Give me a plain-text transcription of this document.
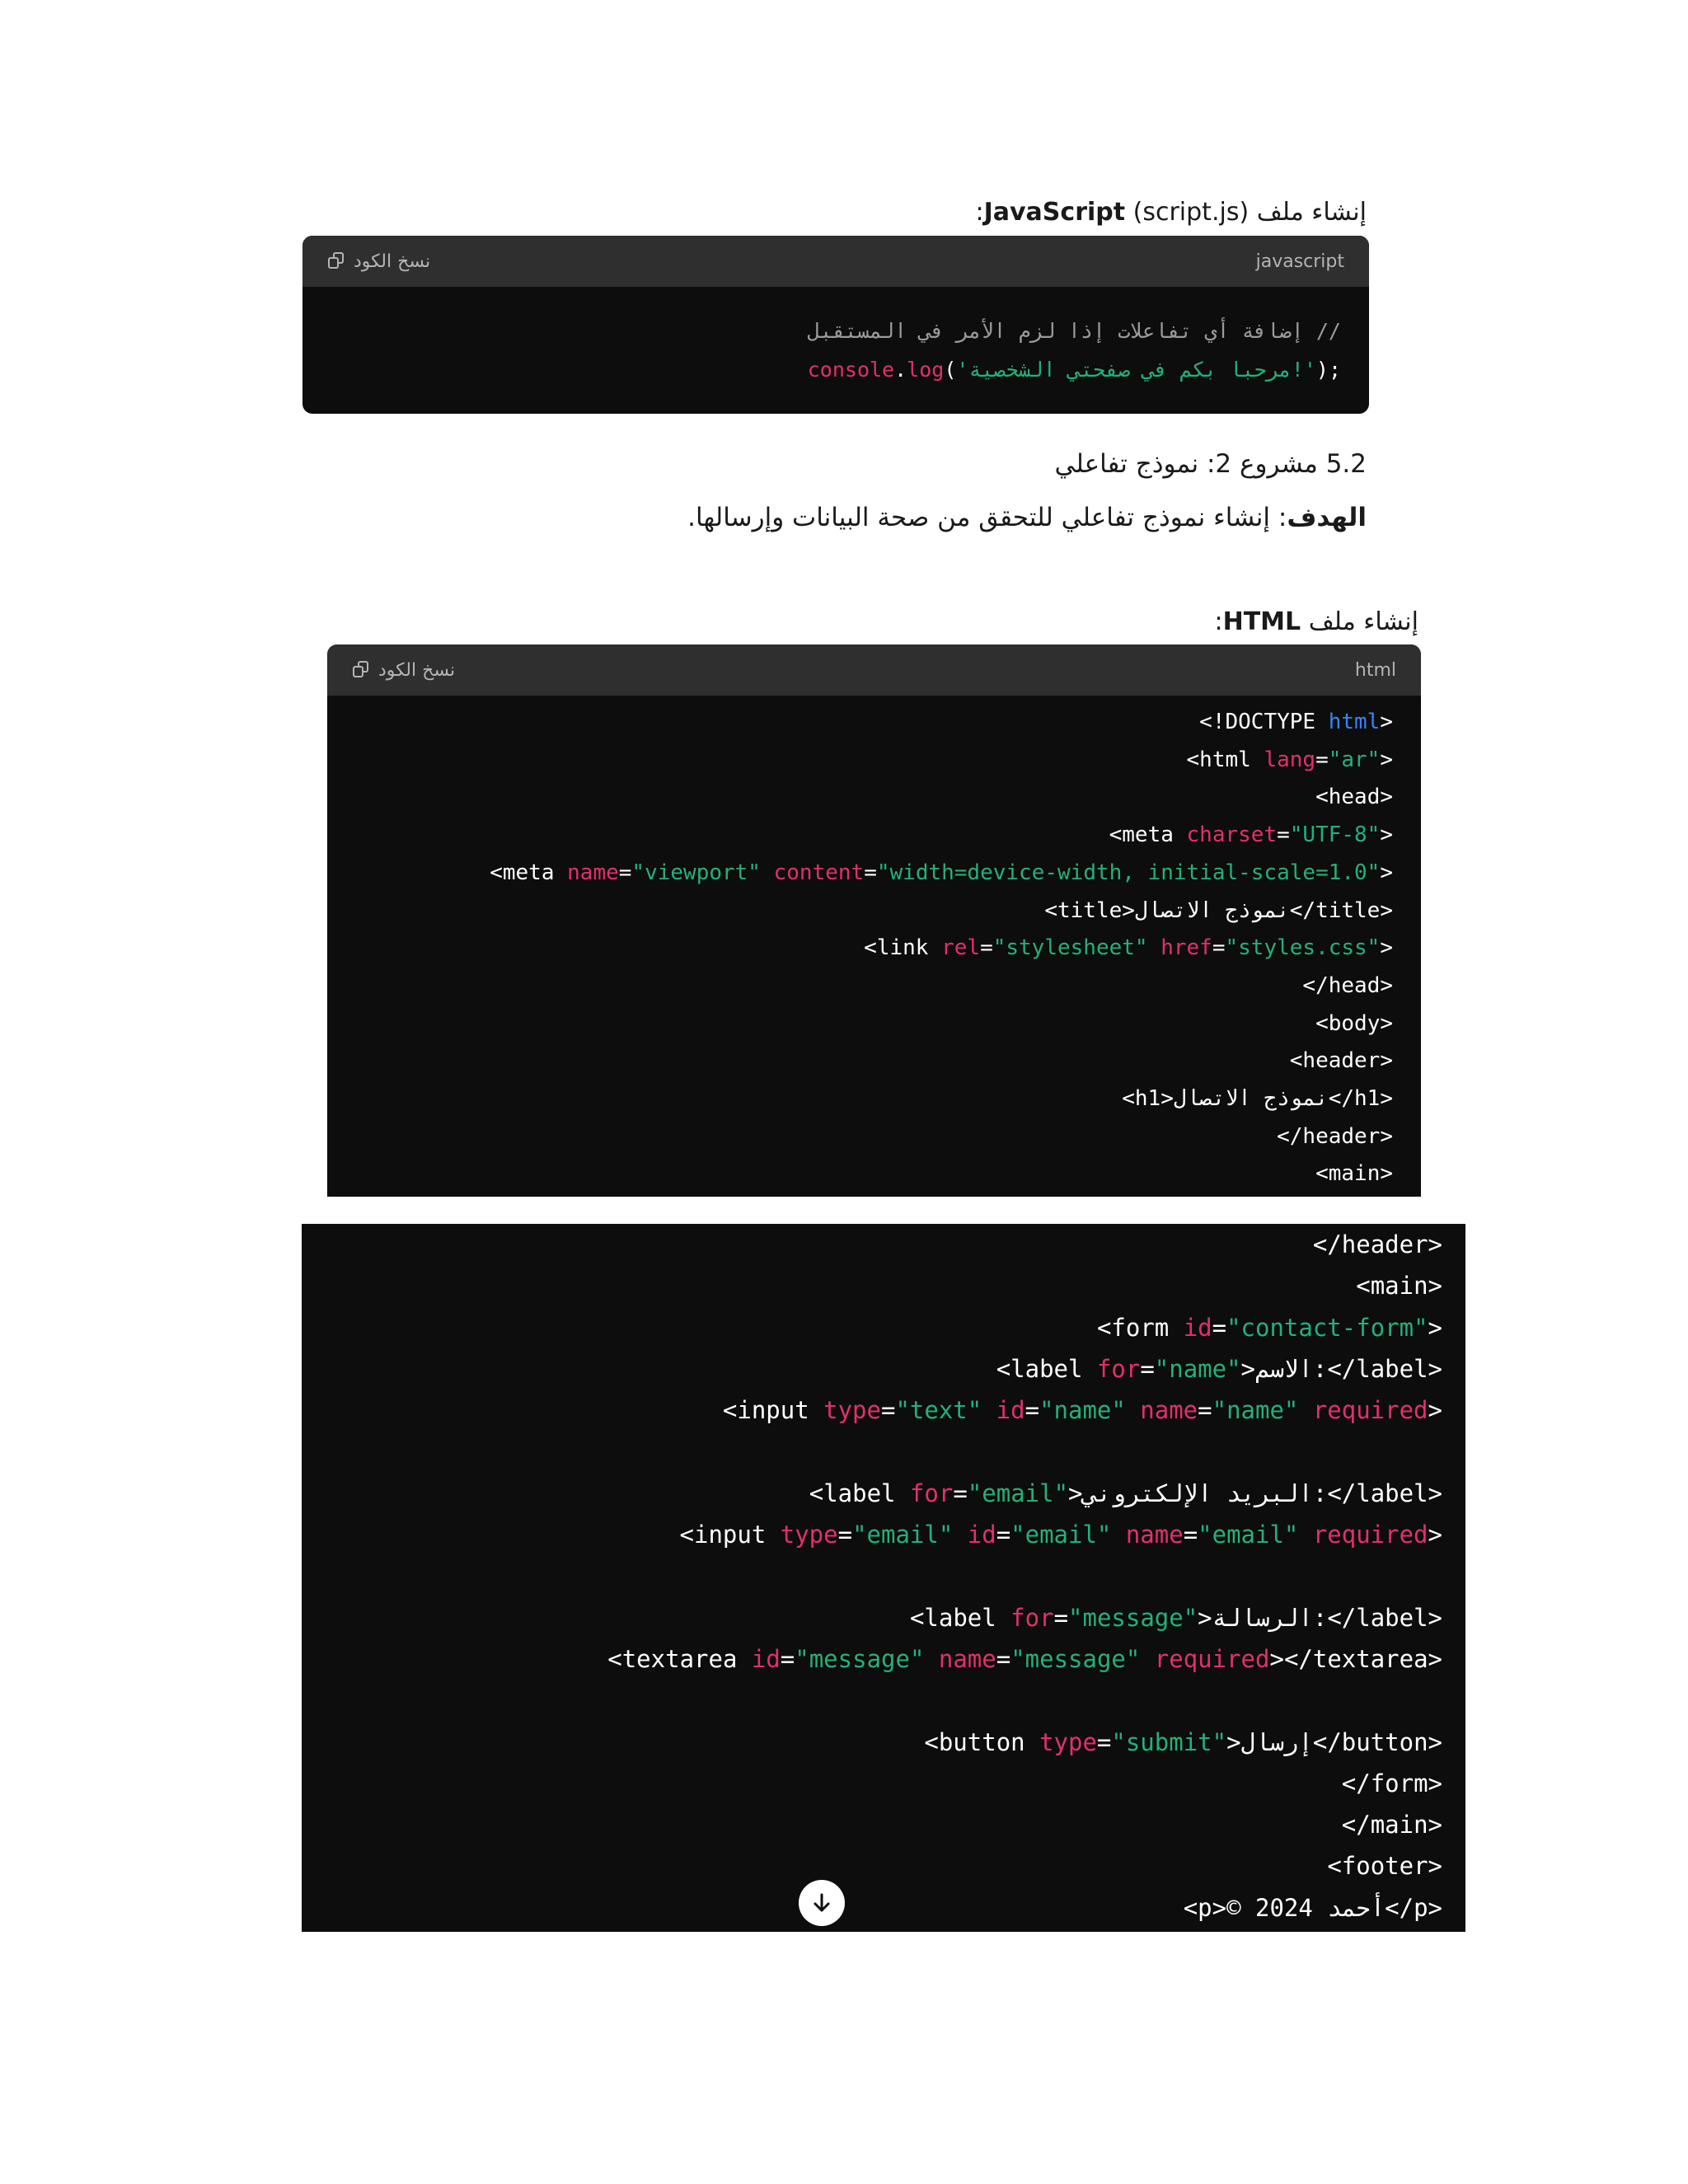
إنشاء ملف JavaScript (script.js):
نسخ الكود	javascript
// إضافة أي تفاعلات إذا لزم الأمر في المستقبل
console.log('مرحبا بكم في صفحتي الشخصية!');
5.2 مشروع 2: نموذج تفاعلي
الهدف: إنشاء نموذج تفاعلي للتحقق من صحة البيانات وإرسالها.
إنشاء ملف HTML:
نسخ الكود	html
<!DOCTYPE html>
<html lang="ar">
<head>
<meta charset="UTF-8">
<meta name="viewport" content="width=device-width, initial-scale=1.0">
<title>نموذج الاتصال</title>
<link rel="stylesheet" href="styles.css">
</head>
<body>
<header>
<h1>نموذج الاتصال</h1>
</header>
<main>
</header>
<main>
<form id="contact-form">
<label for="name">الاسم:</label>
<input type="text" id="name" name="name" required>

<label for="email">البريد الإلكتروني:</label>
<input type="email" id="email" name="email" required>

<label for="message">الرسالة:</label>
<textarea id="message" name="message" required></textarea>

<button type="submit">إرسال</button>
</form>
</main>
<footer>
<p>© 2024 أحمد</p>
